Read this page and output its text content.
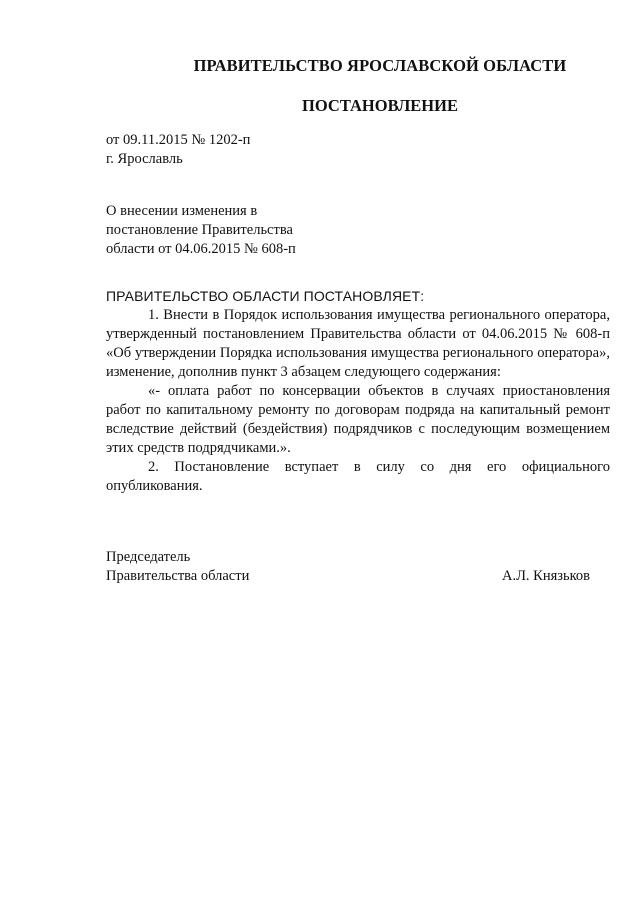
ПРАВИТЕЛЬСТВО ЯРОСЛАВСКОЙ ОБЛАСТИ
ПОСТАНОВЛЕНИЕ
от 09.11.2015 № 1202-п
г. Ярославль
О внесении изменения в
постановление Правительства
области от 04.06.2015 № 608-п
ПРАВИТЕЛЬСТВО ОБЛАСТИ ПОСТАНОВЛЯЕТ:

1. Внести в Порядок использования имущества регионального оператора, утвержденный постановлением Правительства области от 04.06.2015 № 608-п «Об утверждении Порядка использования имущества регионального оператора», изменение, дополнив пункт 3 абзацем следующего содержания:

«- оплата работ по консервации объектов в случаях приостановления работ по капитальному ремонту по договорам подряда на капитальный ремонт вследствие действий (бездействия) подрядчиков с последующим возмещением этих средств подрядчиками.».

2. Постановление вступает в силу со дня его официального опубликования.

Председатель
Правительства области	А.Л. Князьков
